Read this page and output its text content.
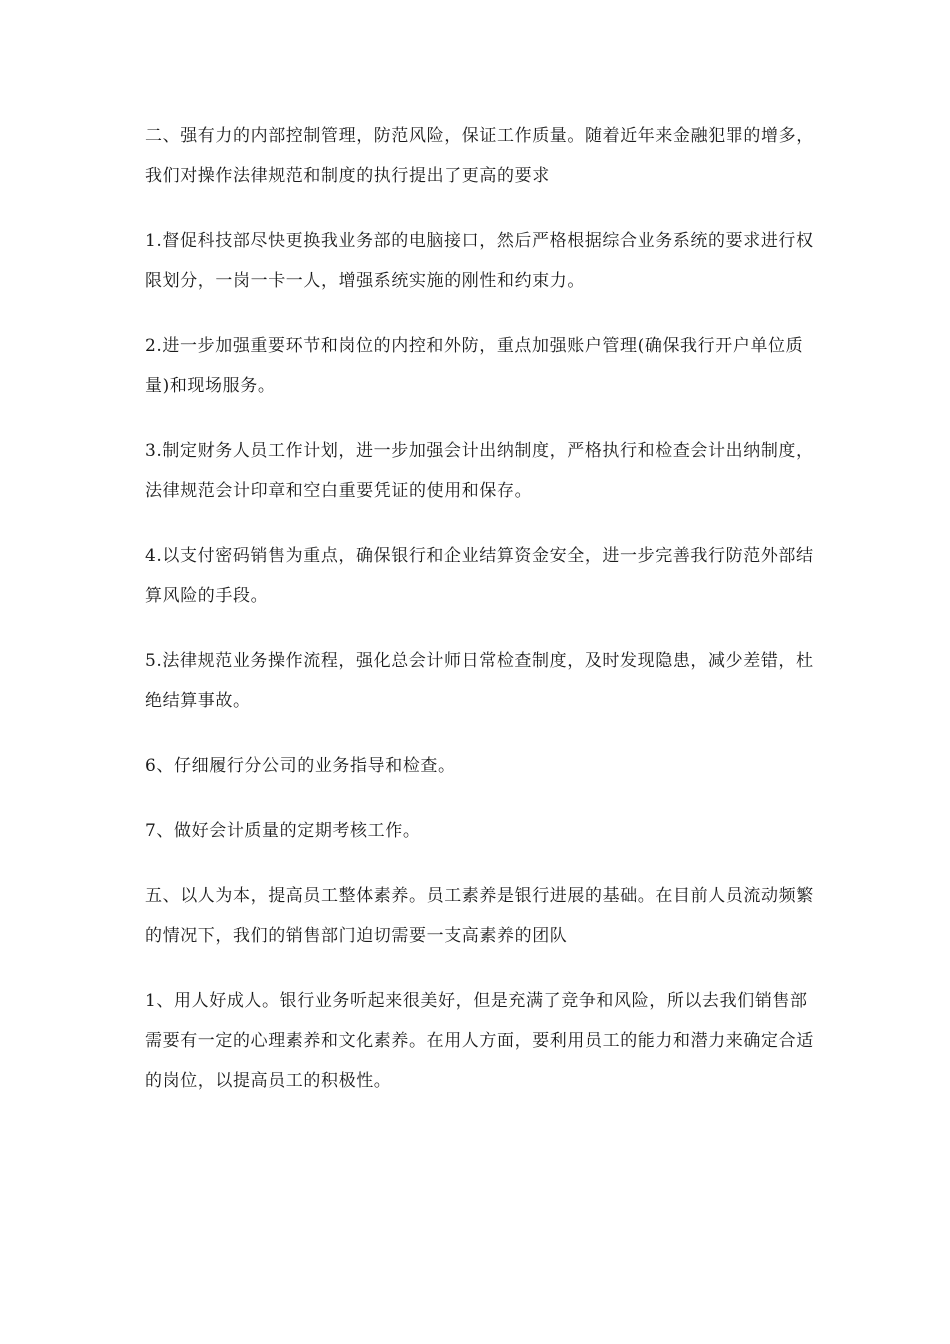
二、强有力的内部控制管理，防范风险，保证工作质量。随着近年来金融犯罪的增多，我们对操作法律规范和制度的执行提出了更高的要求

1.督促科技部尽快更换我业务部的电脑接口，然后严格根据综合业务系统的要求进行权限划分，一岗一卡一人，增强系统实施的刚性和约束力。

2.进一步加强重要环节和岗位的内控和外防，重点加强账户管理(确保我行开户单位质量)和现场服务。

3.制定财务人员工作计划，进一步加强会计出纳制度，严格执行和检查会计出纳制度，法律规范会计印章和空白重要凭证的使用和保存。

4.以支付密码销售为重点，确保银行和企业结算资金安全，进一步完善我行防范外部结算风险的手段。

5.法律规范业务操作流程，强化总会计师日常检查制度，及时发现隐患，减少差错，杜绝结算事故。

6、仔细履行分公司的业务指导和检查。

7、做好会计质量的定期考核工作。

五、以人为本，提高员工整体素养。员工素养是银行进展的基础。在目前人员流动频繁的情况下，我们的销售部门迫切需要一支高素养的团队

1、用人好成人。银行业务听起来很美好，但是充满了竞争和风险，所以去我们销售部需要有一定的心理素养和文化素养。在用人方面，要利用员工的能力和潜力来确定合适的岗位，以提高员工的积极性。
